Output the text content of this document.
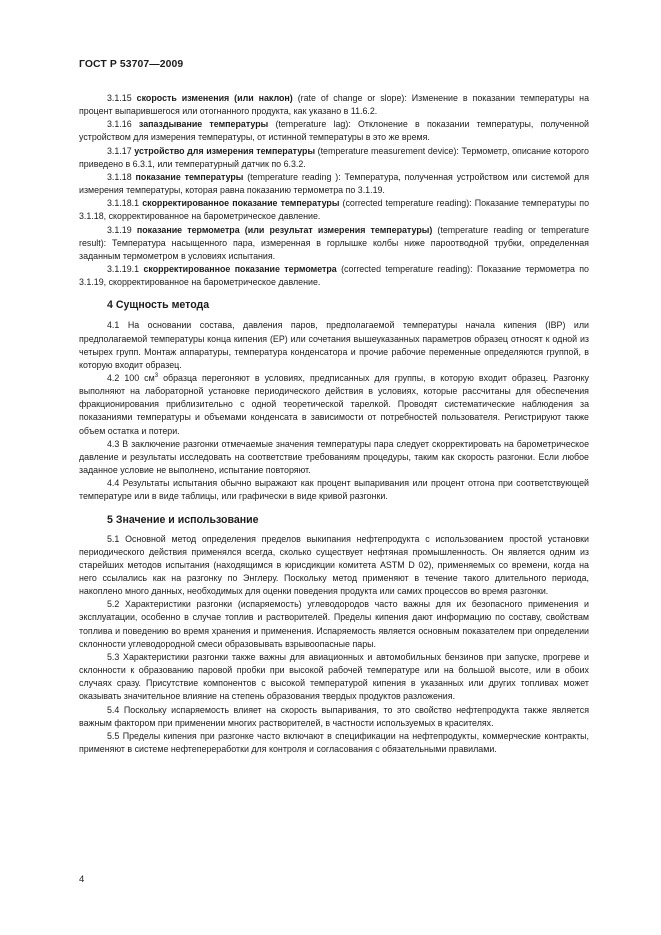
ГОСТ Р 53707—2009

3.1.15 скорость изменения (или наклон) (rate of change or slope): Изменение в показании температуры на процент выпарившегося или отогнанного продукта, как указано в 11.6.2.

3.1.16 запаздывание температуры (temperature lag): Отклонение в показании температуры, полученной устройством для измерения температуры, от истинной температуры в это же время.

3.1.17 устройство для измерения температуры (temperature measurement device): Термометр, описание которого приведено в 6.3.1, или температурный датчик по 6.3.2.

3.1.18 показание температуры (temperature reading ): Температура, полученная устройством или системой для измерения температуры, которая равна показанию термометра по 3.1.19.

3.1.18.1 скорректированное показание температуры (corrected temperature reading): Показание температуры по 3.1.18, скорректированное на барометрическое давление.

3.1.19 показание термометра (или результат измерения температуры) (temperature reading or temperature result): Температура насыщенного пара, измеренная в горлышке колбы ниже пароотводной трубки, определенная заданным термометром в условиях испытания.

3.1.19.1 скорректированное показание термометра (corrected temperature reading): Показание термометра по 3.1.19, скорректированное на барометрическое давление.

4 Сущность метода

4.1 На основании состава, давления паров, предполагаемой температуры начала кипения (IBP) или предполагаемой температуры конца кипения (ЕР) или сочетания вышеуказанных параметров образец относят к одной из четырех групп. Монтаж аппаратуры, температура конденсатора и прочие рабочие переменные определяются группой, в которую входит образец.

4.2 100 $см^3$ образца перегоняют в условиях, предписанных для группы, в которую входит образец. Разгонку выполняют на лабораторной установке периодического действия в условиях, которые рассчитаны для обеспечения фракционирования приблизительно с одной теоретической тарелкой. Проводят систематические наблюдения за показаниями температуры и объемами конденсата в зависимости от потребностей пользователя. Регистрируют также объем остатка и потери.

4.3 В заключение разгонки отмечаемые значения температуры пара следует скорректировать на барометрическое давление и результаты исследовать на соответствие требованиям процедуры, таким как скорость разгонки. Если любое заданное условие не выполнено, испытание повторяют.

4.4 Результаты испытания обычно выражают как процент выпаривания или процент отгона при соответствующей температуре или в виде таблицы, или графически в виде кривой разгонки.

5 Значение и использование

5.1 Основной метод определения пределов выкипания нефтепродукта с использованием простой установки периодического действия применялся всегда, сколько существует нефтяная промышленность. Он является одним из старейших методов испытания (находящимся в юрисдикции комитета ASTM D 02), применяемых со времени, когда на него ссылались как на разгонку по Энглеру. Поскольку метод применяют в течение такого длительного периода, накоплено много данных, необходимых для оценки поведения продукта или самих процессов во время разгонки.

5.2 Характеристики разгонки (испаряемость) углеводородов часто важны для их безопасного применения и эксплуатации, особенно в случае топлив и растворителей. Пределы кипения дают информацию по составу, свойствам топлива и поведению во время хранения и применения. Испаряемость является основным показателем при определении склонности углеводородной смеси образовывать взрывоопасные пары.

5.3 Характеристики разгонки также важны для авиационных и автомобильных бензинов при запуске, прогреве и склонности к образованию паровой пробки при высокой рабочей температуре или на большой высоте, или в обоих случаях сразу. Присутствие компонентов с высокой температурой кипения в указанных или других топливах может оказывать значительное влияние на степень образования твердых продуктов разложения.

5.4 Поскольку испаряемость влияет на скорость выпаривания, то это свойство нефтепродукта также является важным фактором при применении многих растворителей, в частности используемых в красителях.

5.5 Пределы кипения при разгонке часто включают в спецификации на нефтепродукты, коммерческие контракты, применяют в системе нефтепереработки для контроля и согласования с обязательными правилами.

4
